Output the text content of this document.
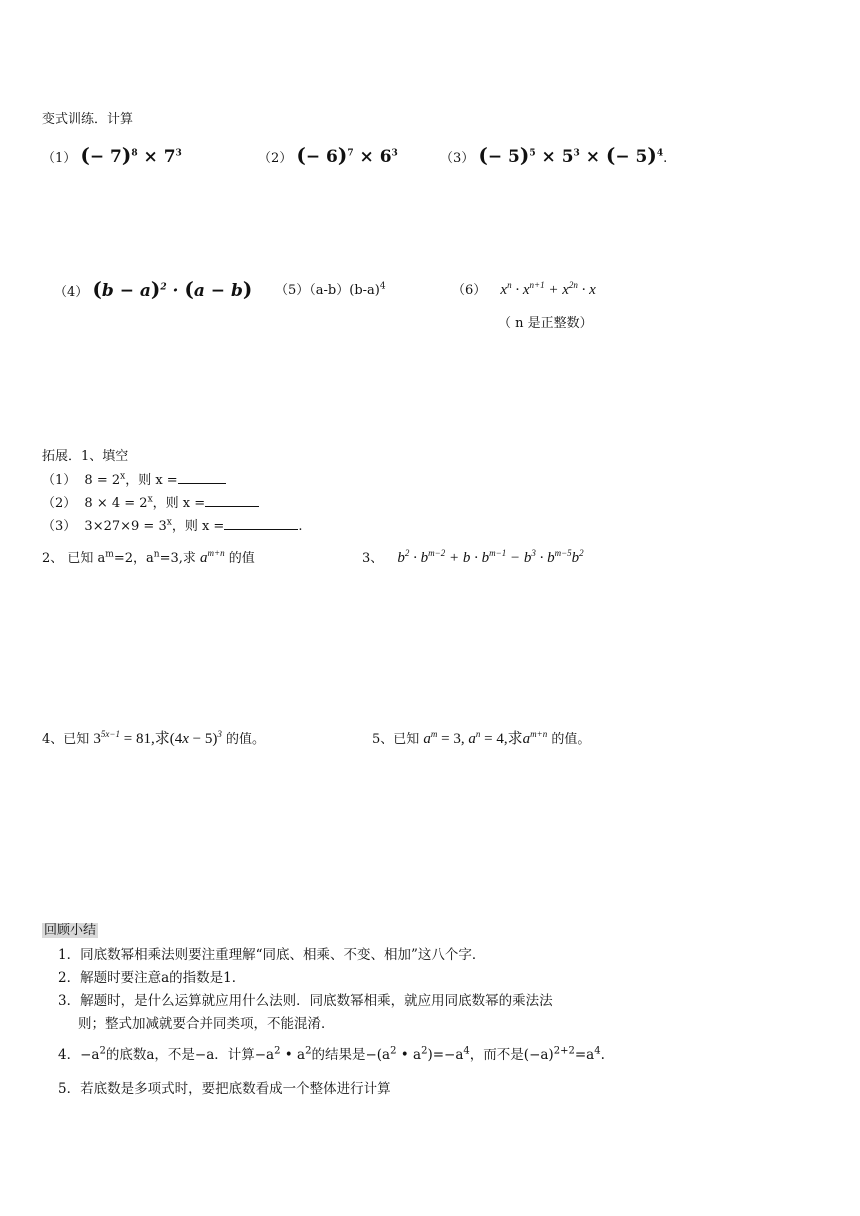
变式训练．计算
（1） (− $7)^8 \times 7^3$	（2） (− $6)^7 \times 6^3$	（3） (− $5)^5 \times 5^3$ × (− 5)$^4$.
（4） $(b - a)^2 \cdot (a - b)$ $(5)(a-b)(b-a)^4$	（6） $x^n \cdot x^{n+1} + x^{2n} \cdot x$
（ n 是正整数）
拓展．1、填空
（1） $8 = 2^x$，则 x =
（2） $8 \times 4 = 2^x$，则 x =
（3） $3\times 27\times 9 = 3^x$，则 x =	.
2、 已知 $a^m=2$，$a^n=3$,求 $a^{m+n}$ 的值	3、 $b^2 \cdot b^{m-2} + b \cdot b^{m-1} - b^3 \cdot b^{m-5}b^2$
4、已知 $3^{5x-1} = 81$,求$(4x - 5)^3$ 的值。	5、已知 $a^m = 3$, $a^n = 4$,求$a^{m+n}$ 的值。
回顾小结
1．同底数幂相乘法则要注重理解“同底、相乘、不变、相加”这八个字．
2．解题时要注意a的指数是1．
3．解题时，是什么运算就应用什么法则．同底数幂相乘，就应用同底数幂的乘法法
则；整式加减就要合并同类项，不能混淆．
4．$-a^2$的底数a，不是−a．计算$-a^2$ • $a^2$的结果是$-(a^2$ • $a^2)=-a^4$，而不是$(-a)^{2+2}=a^4$.
5．若底数是多项式时，要把底数看成一个整体进行计算
